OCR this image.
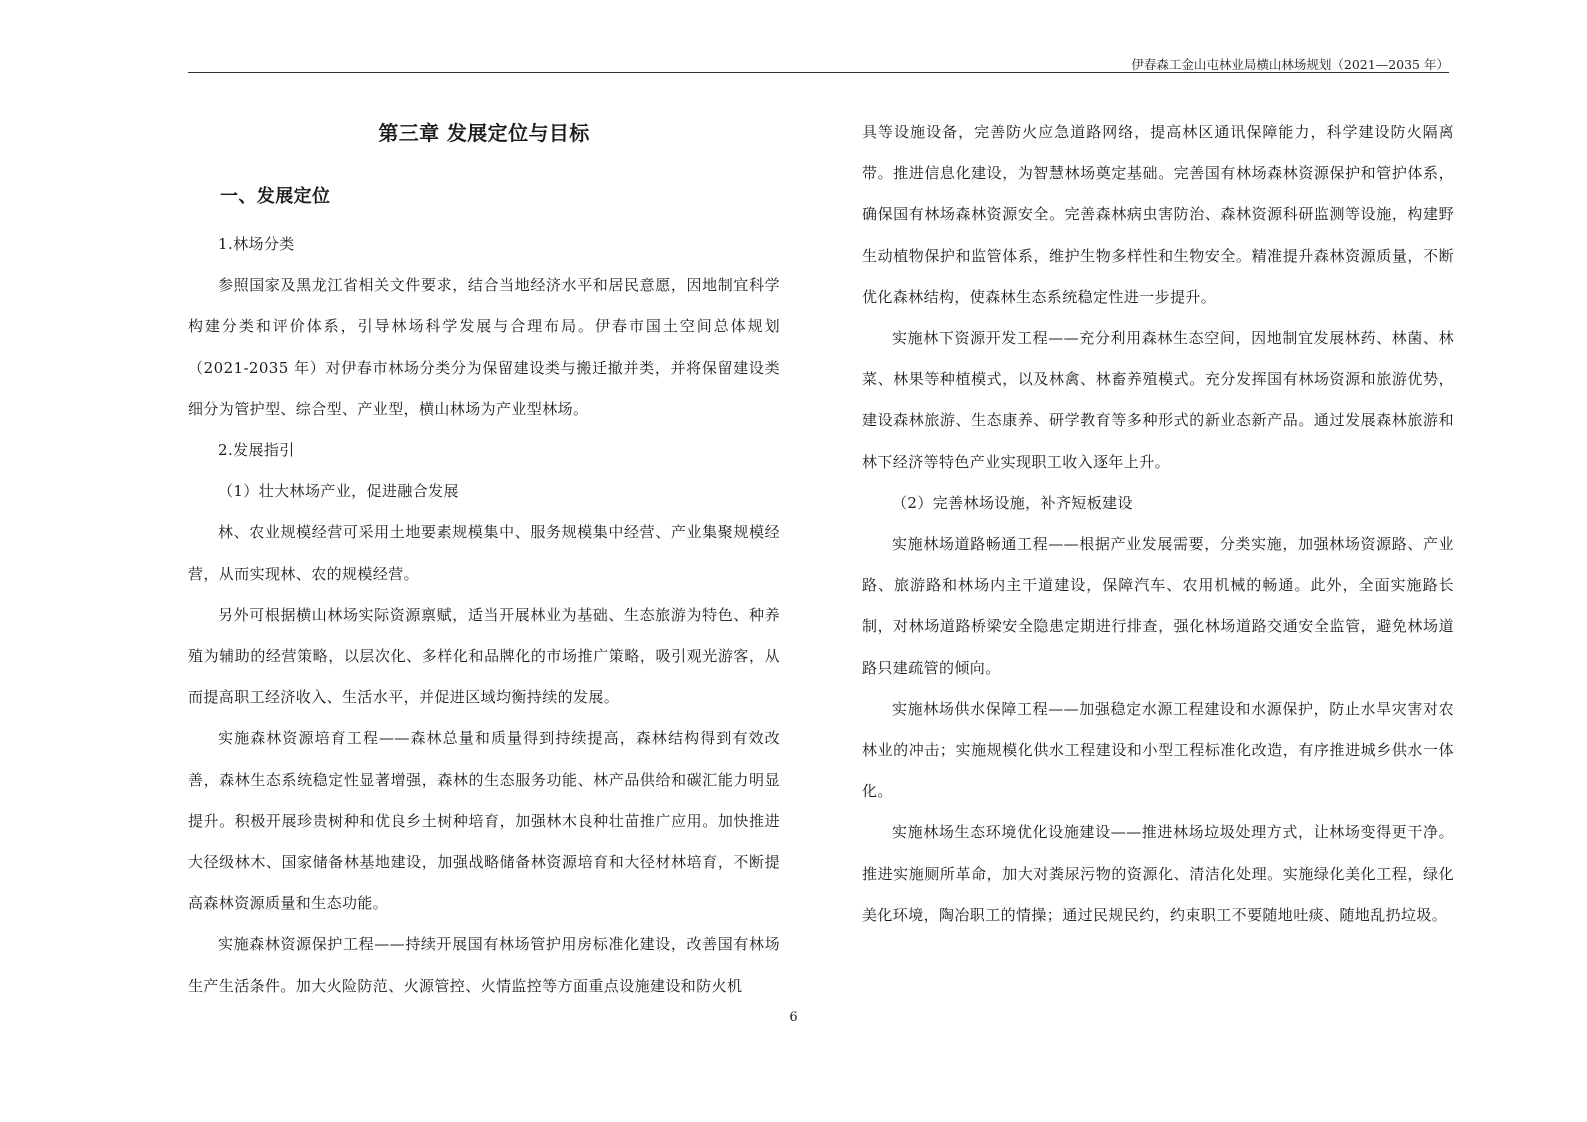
伊春森工金山屯林业局横山林场规划（2021—2035 年）
第三章 发展定位与目标
一、发展定位

1.林场分类

参照国家及黑龙江省相关文件要求，结合当地经济水平和居民意愿，因地制宜科学构建分类和评价体系，引导林场科学发展与合理布局。伊春市国土空间总体规划（2021-2035 年）对伊春市林场分类分为保留建设类与搬迁撤并类，并将保留建设类细分为管护型、综合型、产业型，横山林场为产业型林场。

2.发展指引

（1）壮大林场产业，促进融合发展

林、农业规模经营可采用土地要素规模集中、服务规模集中经营、产业集聚规模经营，从而实现林、农的规模经营。

另外可根据横山林场实际资源禀赋，适当开展林业为基础、生态旅游为特色、种养殖为辅助的经营策略，以层次化、多样化和品牌化的市场推广策略，吸引观光游客，从而提高职工经济收入、生活水平，并促进区域均衡持续的发展。

实施森林资源培育工程——森林总量和质量得到持续提高，森林结构得到有效改善，森林生态系统稳定性显著增强，森林的生态服务功能、林产品供给和碳汇能力明显提升。积极开展珍贵树种和优良乡土树种培育，加强林木良种壮苗推广应用。加快推进大径级林木、国家储备林基地建设，加强战略储备林资源培育和大径材林培育，不断提高森林资源质量和生态功能。

实施森林资源保护工程——持续开展国有林场管护用房标准化建设，改善国有林场生产生活条件。加大火险防范、火源管控、火情监控等方面重点设施建设和防火机

具等设施设备，完善防火应急道路网络，提高林区通讯保障能力，科学建设防火隔离带。推进信息化建设，为智慧林场奠定基础。完善国有林场森林资源保护和管护体系，确保国有林场森林资源安全。完善森林病虫害防治、森林资源科研监测等设施，构建野生动植物保护和监管体系，维护生物多样性和生物安全。精准提升森林资源质量，不断优化森林结构，使森林生态系统稳定性进一步提升。

实施林下资源开发工程——充分利用森林生态空间，因地制宜发展林药、林菌、林菜、林果等种植模式，以及林禽、林畜养殖模式。充分发挥国有林场资源和旅游优势，建设森林旅游、生态康养、研学教育等多种形式的新业态新产品。通过发展森林旅游和林下经济等特色产业实现职工收入逐年上升。

（2）完善林场设施，补齐短板建设

实施林场道路畅通工程——根据产业发展需要，分类实施，加强林场资源路、产业路、旅游路和林场内主干道建设，保障汽车、农用机械的畅通。此外，全面实施路长制，对林场道路桥梁安全隐患定期进行排查，强化林场道路交通安全监管，避免林场道路只建疏管的倾向。

实施林场供水保障工程——加强稳定水源工程建设和水源保护，防止水旱灾害对农林业的冲击；实施规模化供水工程建设和小型工程标准化改造，有序推进城乡供水一体化。

实施林场生态环境优化设施建设——推进林场垃圾处理方式，让林场变得更干净。推进实施厕所革命，加大对粪尿污物的资源化、清洁化处理。实施绿化美化工程，绿化美化环境，陶冶职工的情操；通过民规民约，约束职工不要随地吐痰、随地乱扔垃圾。

6
